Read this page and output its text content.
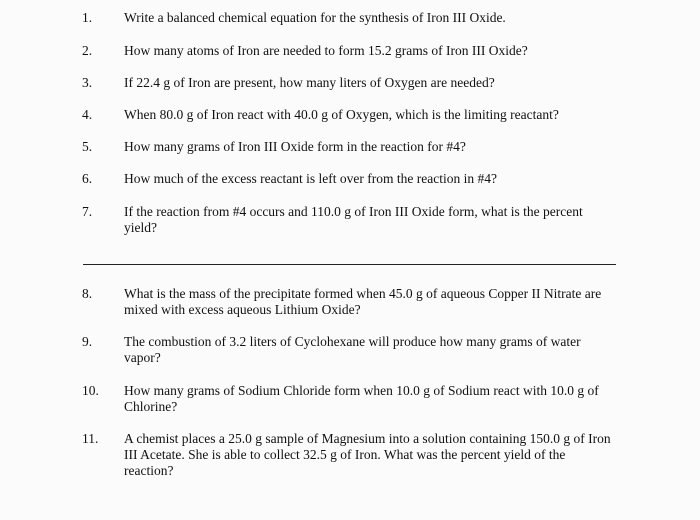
1.	Write a balanced chemical equation for the synthesis of Iron III Oxide.
2.	How many atoms of Iron are needed to form 15.2 grams of Iron III Oxide?
3.	If 22.4 g of Iron are present, how many liters of Oxygen are needed?
4.	When 80.0 g of Iron react with 40.0 g of Oxygen, which is the limiting reactant?
5.	How many grams of Iron III Oxide form in the reaction for #4?
6.	How much of the excess reactant is left over from the reaction in #4?
7.	If the reaction from #4 occurs and 110.0 g of Iron III Oxide form, what is the percent yield?
8.	What is the mass of the precipitate formed when 45.0 g of aqueous Copper II Nitrate are mixed with excess aqueous Lithium Oxide?
9.	The combustion of 3.2 liters of Cyclohexane will produce how many grams of water vapor?
10.	How many grams of Sodium Chloride form when 10.0 g of Sodium react with 10.0 g of Chlorine?
11.	A chemist places a 25.0 g sample of Magnesium into a solution containing 150.0 g of Iron III Acetate. She is able to collect 32.5 g of Iron. What was the percent yield of the reaction?
